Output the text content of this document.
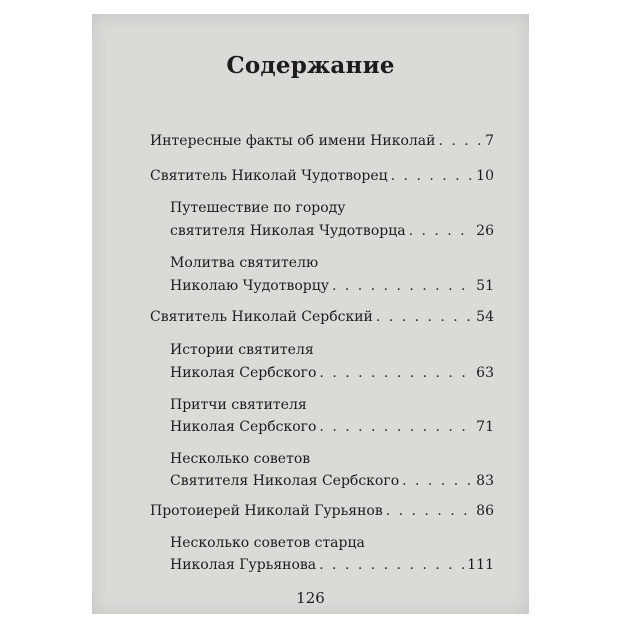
Содержание
Интересные факты об имени Николай . . .	7
Святитель Николай Чудотворец . . .	10
Путешествие по городу
святителя Николая Чудотворца . . .	26
Молитва святителю
Николаю Чудотворцу . . .	51
Святитель Николай Сербский . . .	54
Истории святителя
Николая Сербского . . .	63
Притчи святителя
Николая Сербского . . .	71
Несколько советов
Святителя Николая Сербского . . .	83
Протоиерей Николай Гурьянов . . .	86
Несколько советов старца
Николая Гурьянова . . .	111
126
